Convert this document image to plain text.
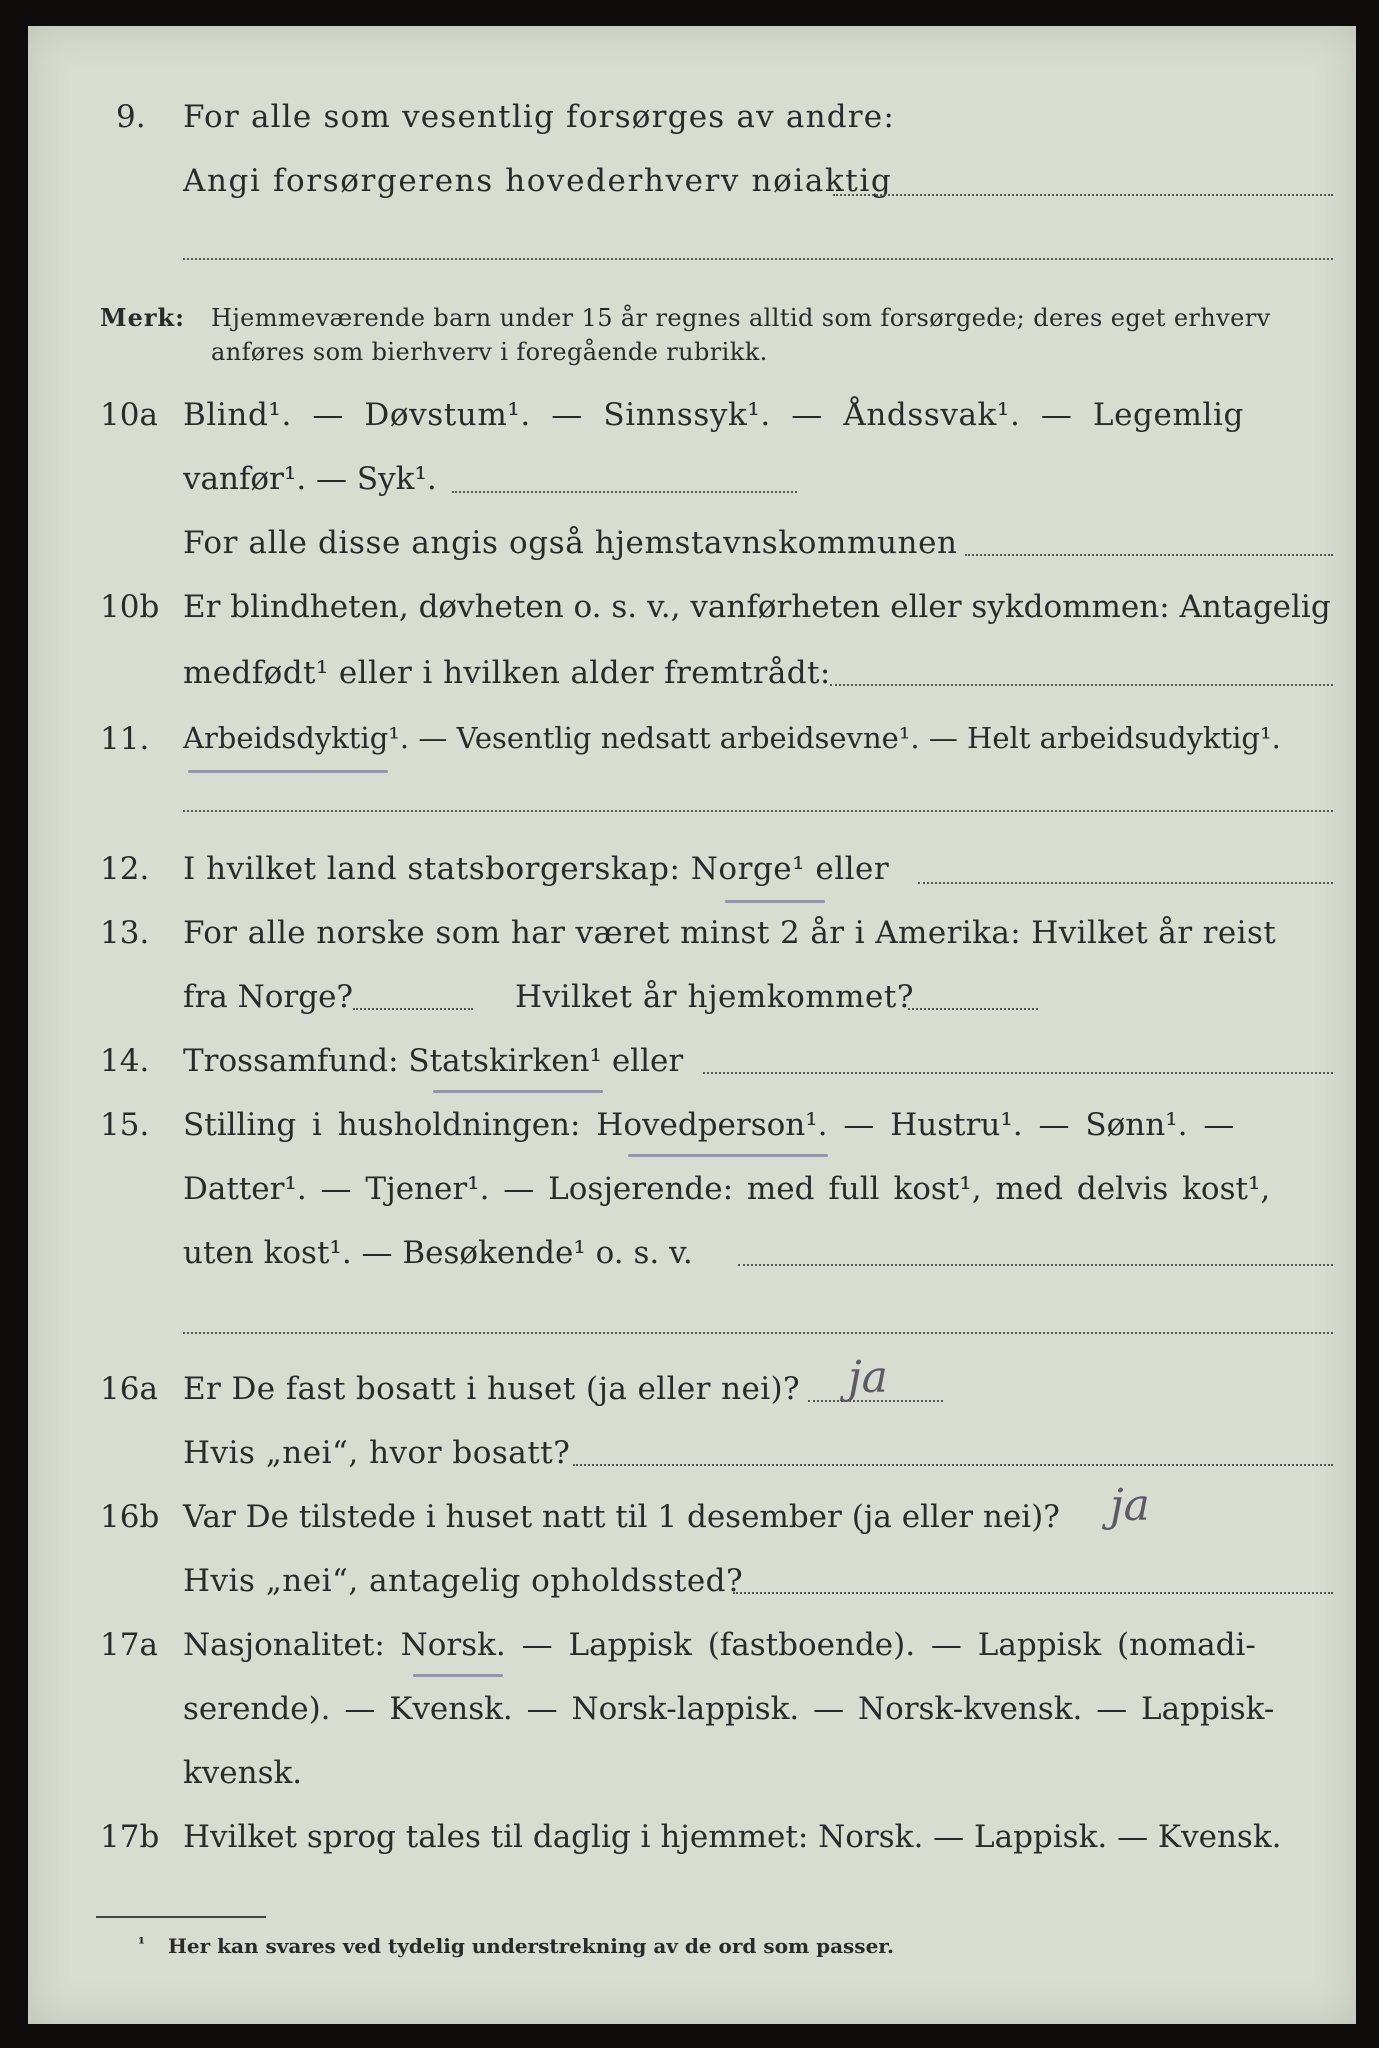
9. For alle som vesentlig forsørges av andre:
Angi forsørgerens hovederhverv nøiaktig
Merk: Hjemmeværende barn under 15 år regnes alltid som forsørgede; deres eget erhverv
anføres som bierhverv i foregående rubrikk.
10a Blind¹. — Døvstum¹. — Sinnssyk¹. — Åndssvak¹. — Legemlig
vanfør¹. — Syk¹.
For alle disse angis også hjemstavnskommunen
10b Er blindheten, døvheten o. s. v., vanførheten eller sykdommen: Antagelig
medfødt¹ eller i hvilken alder fremtrådt:
11. Arbeidsdyktig¹. — Vesentlig nedsatt arbeidsevne¹. — Helt arbeidsudyktig¹.
12. I hvilket land statsborgerskap: Norge¹ eller
13. For alle norske som har været minst 2 år i Amerika: Hvilket år reist
fra Norge?	Hvilket år hjemkommet?
14. Trossamfund: Statskirken¹ eller
15. Stilling i husholdningen: Hovedperson¹. — Hustru¹. — Sønn¹. —
Datter¹. — Tjener¹. — Losjerende: med full kost¹, med delvis kost¹,
uten kost¹. — Besøkende¹ o. s. v.
16a Er De fast bosatt i huset (ja eller nei)? ja
Hvis „nei“, hvor bosatt?
16b Var De tilstede i huset natt til 1 desember (ja eller nei)? ja
Hvis „nei“, antagelig opholdssted?
17a Nasjonalitet: Norsk. — Lappisk (fastboende). — Lappisk (nomadi-
serende). — Kvensk. — Norsk-lappisk. — Norsk-kvensk. — Lappisk-
kvensk.
17b Hvilket sprog tales til daglig i hjemmet: Norsk. — Lappisk. — Kvensk.
¹ Her kan svares ved tydelig understrekning av de ord som passer.
